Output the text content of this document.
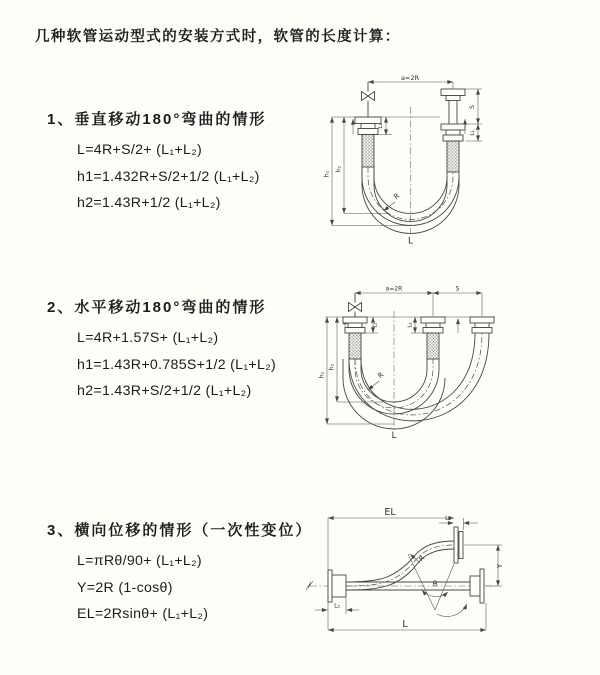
几种软管运动型式的安装方式时，软管的长度计算：
1、垂直移动180°弯曲的情形
L=4R+S/2+ (L₁+L₂)
h1=1.432R+S/2+1/2 (L₁+L₂)
h2=1.43R+1/2 (L₁+L₂)
2、水平移动180°弯曲的情形
L=4R+1.57S+ (L₁+L₂)
h1=1.43R+0.785S+1/2 (L₁+L₂)
h2=1.43R+S/2+1/2 (L₁+L₂)
3、横向位移的情形（一次性变位）
L=πRθ/90+ (L₁+L₂)
Y=2R (1-cosθ)
EL=2Rsinθ+ (L₁+L₂)
a=2R
h₁
h₂
L₁
S
L₂
R
L
a=2R	S
h₁
h₂
L₁	L₂
R
L
EL
L₁
Y
L
L₂
R
θ
